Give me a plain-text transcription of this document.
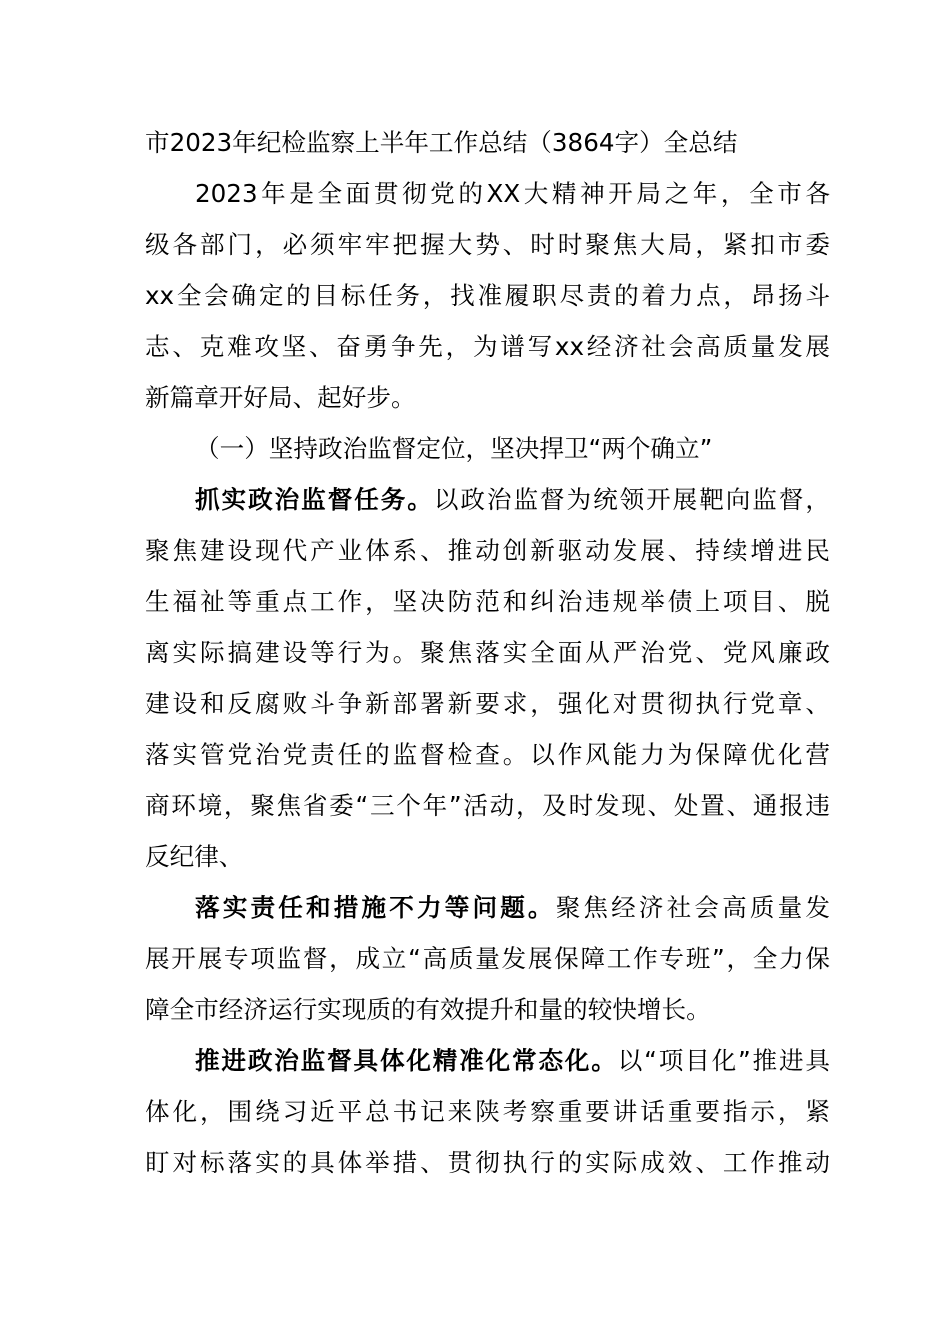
市2023年纪检监察上半年工作总结（3864字）全总结
2023年是全面贯彻党的XX大精神开局之年，全市各
级各部门，必须牢牢把握大势、时时聚焦大局，紧扣市委
xx全会确定的目标任务，找准履职尽责的着力点，昂扬斗
志、克难攻坚、奋勇争先，为谱写xx经济社会高质量发展
新篇章开好局、起好步。
（一）坚持政治监督定位，坚决捍卫“两个确立”
抓实政治监督任务。以政治监督为统领开展靶向监督，
聚焦建设现代产业体系、推动创新驱动发展、持续增进民
生福祉等重点工作，坚决防范和纠治违规举债上项目、脱
离实际搞建设等行为。聚焦落实全面从严治党、党风廉政
建设和反腐败斗争新部署新要求，强化对贯彻执行党章、
落实管党治党责任的监督检查。以作风能力为保障优化营
商环境，聚焦省委“三个年”活动，及时发现、处置、通报违
反纪律、
落实责任和措施不力等问题。聚焦经济社会高质量发
展开展专项监督，成立“高质量发展保障工作专班”，全力保
障全市经济运行实现质的有效提升和量的较快增长。
推进政治监督具体化精准化常态化。以“项目化”推进具
体化，围绕习近平总书记来陕考察重要讲话重要指示，紧
盯对标落实的具体举措、贯彻执行的实际成效、工作推动
